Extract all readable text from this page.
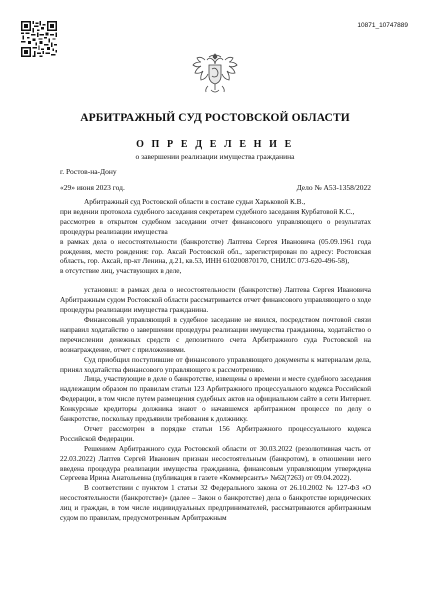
10871_10747889
АРБИТРАЖНЫЙ СУД РОСТОВСКОЙ ОБЛАСТИ
О П Р Е Д Е Л Е Н И Е
о завершении реализации имущества гражданина
г. Ростов-на-Дону
«29» июня 2023 год.	Дело № А53-1358/2022

Арбитражный суд Ростовской области в составе судьи Харьковой К.В.,

при ведении протокола судебного заседания секретарем судебного заседания Курбатовой К.С.,

рассмотрев в открытом судебном заседании отчет финансового управляющего о результатах процедуры реализации имущества

в рамках дела о несостоятельности (банкротстве) Лаптева Сергея Ивановича (05.09.1961 года рождения, место рождения: гор. Аксай Ростовской обл., зарегистрирован по адресу: Ростовская область, гор. Аксай, пр-кт Ленина, д.21, кв.53, ИНН 610200870170, СНИЛС 073-620-496-58),

в отсутствие лиц, участвующих в деле,

установил: в рамках дела о несостоятельности (банкротстве) Лаптева Сергея Ивановича Арбитражным судом Ростовской области рассматривается отчет финансового управляющего о ходе процедуры реализации имущества гражданина.

Финансовый управляющий в судебное заседание не явился, посредством почтовой связи направил ходатайство о завершении процедуры реализации имущества гражданина, ходатайство о перечислении денежных средств с депозитного счета Арбитражного суда Ростовской на вознаграждение, отчет с приложениями.

Суд приобщил поступившие от финансового управляющего документы к материалам дела, принял ходатайства финансового управляющего к рассмотрению.

Лица, участвующие в деле о банкротстве, извещены о времени и месте судебного заседания надлежащим образом по правилам статьи 123 Арбитражного процессуального кодекса Российской Федерации, в том числе путем размещения судебных актов на официальном сайте в сети Интернет. Конкурсные кредиторы должника знают о начавшемся арбитражном процессе по делу о банкротстве, поскольку предъявили требования к должнику.

Отчет рассмотрен в порядке статьи 156 Арбитражного процессуального кодекса Российской Федерации.

Решением Арбитражного суда Ростовской области от 30.03.2022 (резолютивная часть от 22.03.2022) Лаптев Сергей Иванович признан несостоятельным (банкротом), в отношении него введена процедура реализации имущества гражданина, финансовым управляющим утверждена Сергеева Ирина Анатольевна (публикация в газете «Коммерсантъ» №62(7263) от 09.04.2022).

В соответствии с пунктом 1 статьи 32 Федерального закона от 26.10.2002 № 127-ФЗ «О несостоятельности (банкротстве)» (далее – Закон о банкротстве) дела о банкротстве юридических лиц и граждан, в том числе индивидуальных предпринимателей, рассматриваются арбитражным судом по правилам, предусмотренным Арбитражным
